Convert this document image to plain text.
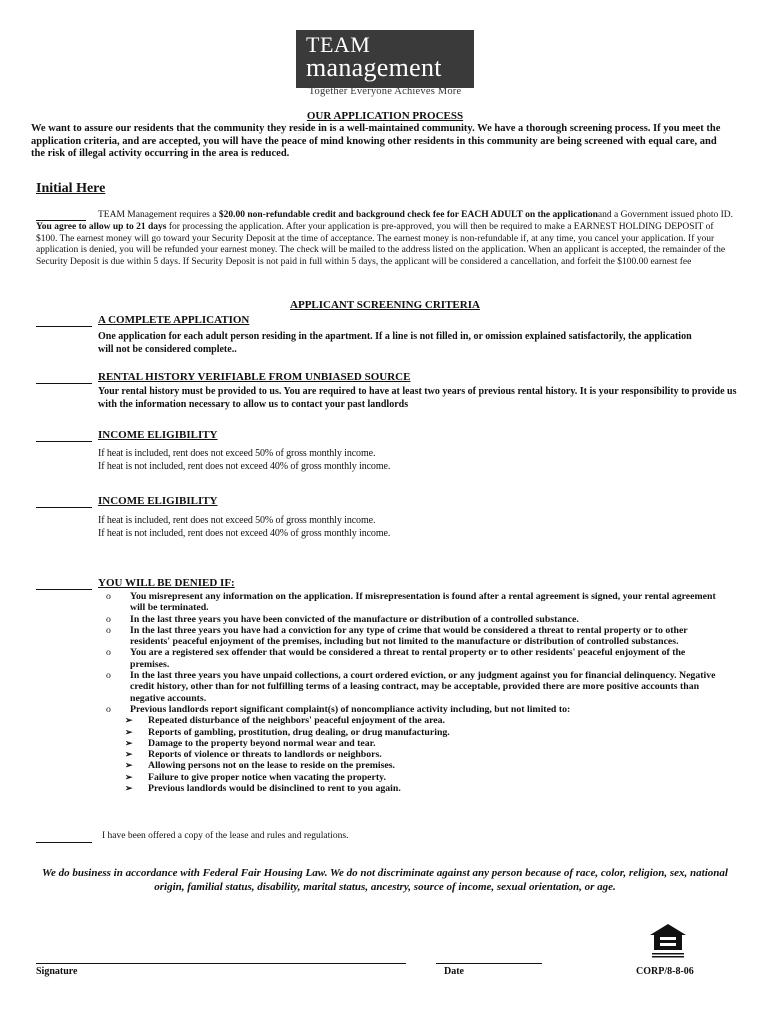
TEAM
management
Together Everyone Achieves More
OUR APPLICATION PROCESS
We want to assure our residents that the community they reside in is a well-maintained community. We have a thorough screening process. If you meet the application criteria, and are accepted, you will have the peace of mind knowing other residents in this community are being screened with equal care, and the risk of illegal activity occurring in the area is reduced.
Initial Here
TEAM Management requires a $20.00 non-refundable credit and background check fee for EACH ADULT on the applicationand a Government issued photo ID. You agree to allow up to 21 days for processing the application. After your application is pre-approved, you will then be required to make a EARNEST HOLDING DEPOSIT of $100. The earnest money will go toward your Security Deposit at the time of acceptance. The earnest money is non-refundable if, at any time, you cancel your application. If your application is denied, you will be refunded your earnest money. The check will be mailed to the address listed on the application. When an applicant is accepted, the remainder of the Security Deposit is due within 5 days. If Security Deposit is not paid in full within 5 days, the applicant will be considered a cancellation, and forfeit the $100.00 earnest fee
APPLICANT SCREENING CRITERIA
A COMPLETE APPLICATION
One application for each adult person residing in the apartment. If a line is not filled in, or omission explained satisfactorily, the application will not be considered complete..
RENTAL HISTORY VERIFIABLE FROM UNBIASED SOURCE
Your rental history must be provided to us. You are required to have at least two years of previous rental history. It is your responsibility to provide us with the information necessary to allow us to contact your past landlords
INCOME ELIGIBILITY
If heat is included, rent does not exceed 50% of gross monthly income.
If heat is not included, rent does not exceed 40% of gross monthly income.
INCOME ELIGIBILITY
If heat is included, rent does not exceed 50% of gross monthly income.
If heat is not included, rent does not exceed 40% of gross monthly income.
YOU WILL BE DENIED IF:
o You misrepresent any information on the application. If misrepresentation is found after a rental agreement is signed, your rental agreement will be terminated.
o In the last three years you have been convicted of the manufacture or distribution of a controlled substance.
o In the last three years you have had a conviction for any type of crime that would be considered a threat to rental property or to other residents' peaceful enjoyment of the premises, including but not limited to the manufacture or distribution of controlled substances.
o You are a registered sex offender that would be considered a threat to rental property or to other residents' peaceful enjoyment of the premises.
o In the last three years you have unpaid collections, a court ordered eviction, or any judgment against you for financial delinquency. Negative credit history, other than for not fulfilling terms of a leasing contract, may be acceptable, provided there are more positive accounts than negative accounts.
o Previous landlords report significant complaint(s) of noncompliance activity including, but not limited to:
➢ Repeated disturbance of the neighbors' peaceful enjoyment of the area.
➢ Reports of gambling, prostitution, drug dealing, or drug manufacturing.
➢ Damage to the property beyond normal wear and tear.
➢ Reports of violence or threats to landlords or neighbors.
➢ Allowing persons not on the lease to reside on the premises.
➢ Failure to give proper notice when vacating the property.
➢ Previous landlords would be disinclined to rent to you again.
I have been offered a copy of the lease and rules and regulations.
We do business in accordance with Federal Fair Housing Law. We do not discriminate against any person because of race, color, religion, sex, national origin, familial status, disability, marital status, ancestry, source of income, sexual orientation, or age.
Signature	Date	CORP/8-8-06
